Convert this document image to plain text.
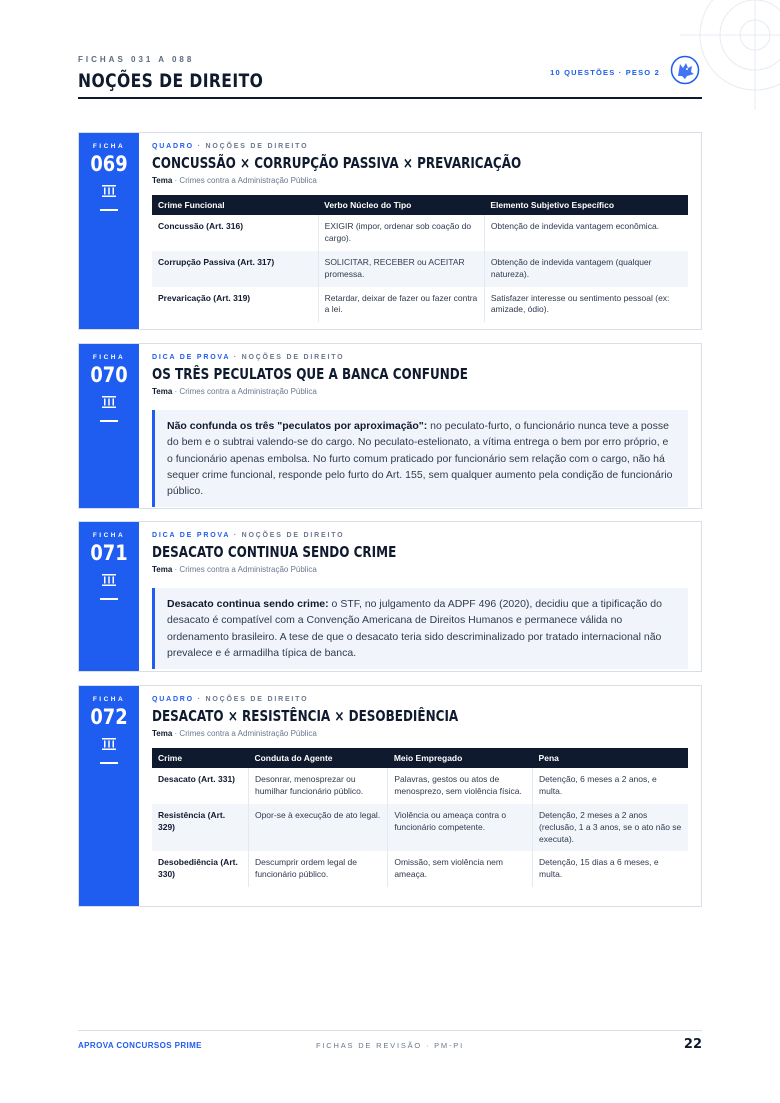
FICHAS 031 A 088
NOÇÕES DE DIREITO	10 QUESTÕES · PESO 2
FICHA
069
QUADRO · NOÇÕES DE DIREITO
CONCUSSÃO × CORRUPÇÃO PASSIVA × PREVARICAÇÃO
Tema · Crimes contra a Administração Pública
Crime Funcional	Verbo Núcleo do Tipo	Elemento Subjetivo Específico
Concussão (Art. 316)	EXIGIR (impor, ordenar sob coação do cargo).	Obtenção de indevida vantagem econômica.
Corrupção Passiva (Art. 317)	SOLICITAR, RECEBER ou ACEITAR promessa.	Obtenção de indevida vantagem (qualquer natureza).
Prevaricação (Art. 319)	Retardar, deixar de fazer ou fazer contra a lei.	Satisfazer interesse ou sentimento pessoal (ex: amizade, ódio).
FICHA
070
DICA DE PROVA · NOÇÕES DE DIREITO
OS TRÊS PECULATOS QUE A BANCA CONFUNDE
Tema · Crimes contra a Administração Pública
Não confunda os três "peculatos por aproximação": no peculato-furto, o funcionário nunca teve a posse do bem e o subtrai valendo-se do cargo. No peculato-estelionato, a vítima entrega o bem por erro próprio, e o funcionário apenas embolsa. No furto comum praticado por funcionário sem relação com o cargo, não há sequer crime funcional, responde pelo furto do Art. 155, sem qualquer aumento pela condição de funcionário público.
FICHA
071
DICA DE PROVA · NOÇÕES DE DIREITO
DESACATO CONTINUA SENDO CRIME
Tema · Crimes contra a Administração Pública
Desacato continua sendo crime: o STF, no julgamento da ADPF 496 (2020), decidiu que a tipificação do desacato é compatível com a Convenção Americana de Direitos Humanos e permanece válida no ordenamento brasileiro. A tese de que o desacato teria sido descriminalizado por tratado internacional não prevalece e é armadilha típica de banca.
FICHA
072
QUADRO · NOÇÕES DE DIREITO
DESACATO × RESISTÊNCIA × DESOBEDIÊNCIA
Tema · Crimes contra a Administração Pública
Crime	Conduta do Agente	Meio Empregado	Pena
Desacato (Art. 331)	Desonrar, menosprezar ou humilhar funcionário público.	Palavras, gestos ou atos de menosprezo, sem violência física.	Detenção, 6 meses a 2 anos, e multa.
Resistência (Art. 329)	Opor-se à execução de ato legal.	Violência ou ameaça contra o funcionário competente.	Detenção, 2 meses a 2 anos (reclusão, 1 a 3 anos, se o ato não se executa).
Desobediência (Art. 330)	Descumprir ordem legal de funcionário público.	Omissão, sem violência nem ameaça.	Detenção, 15 dias a 6 meses, e multa.
APROVA CONCURSOS PRIME	FICHAS DE REVISÃO · PM-PI	22
